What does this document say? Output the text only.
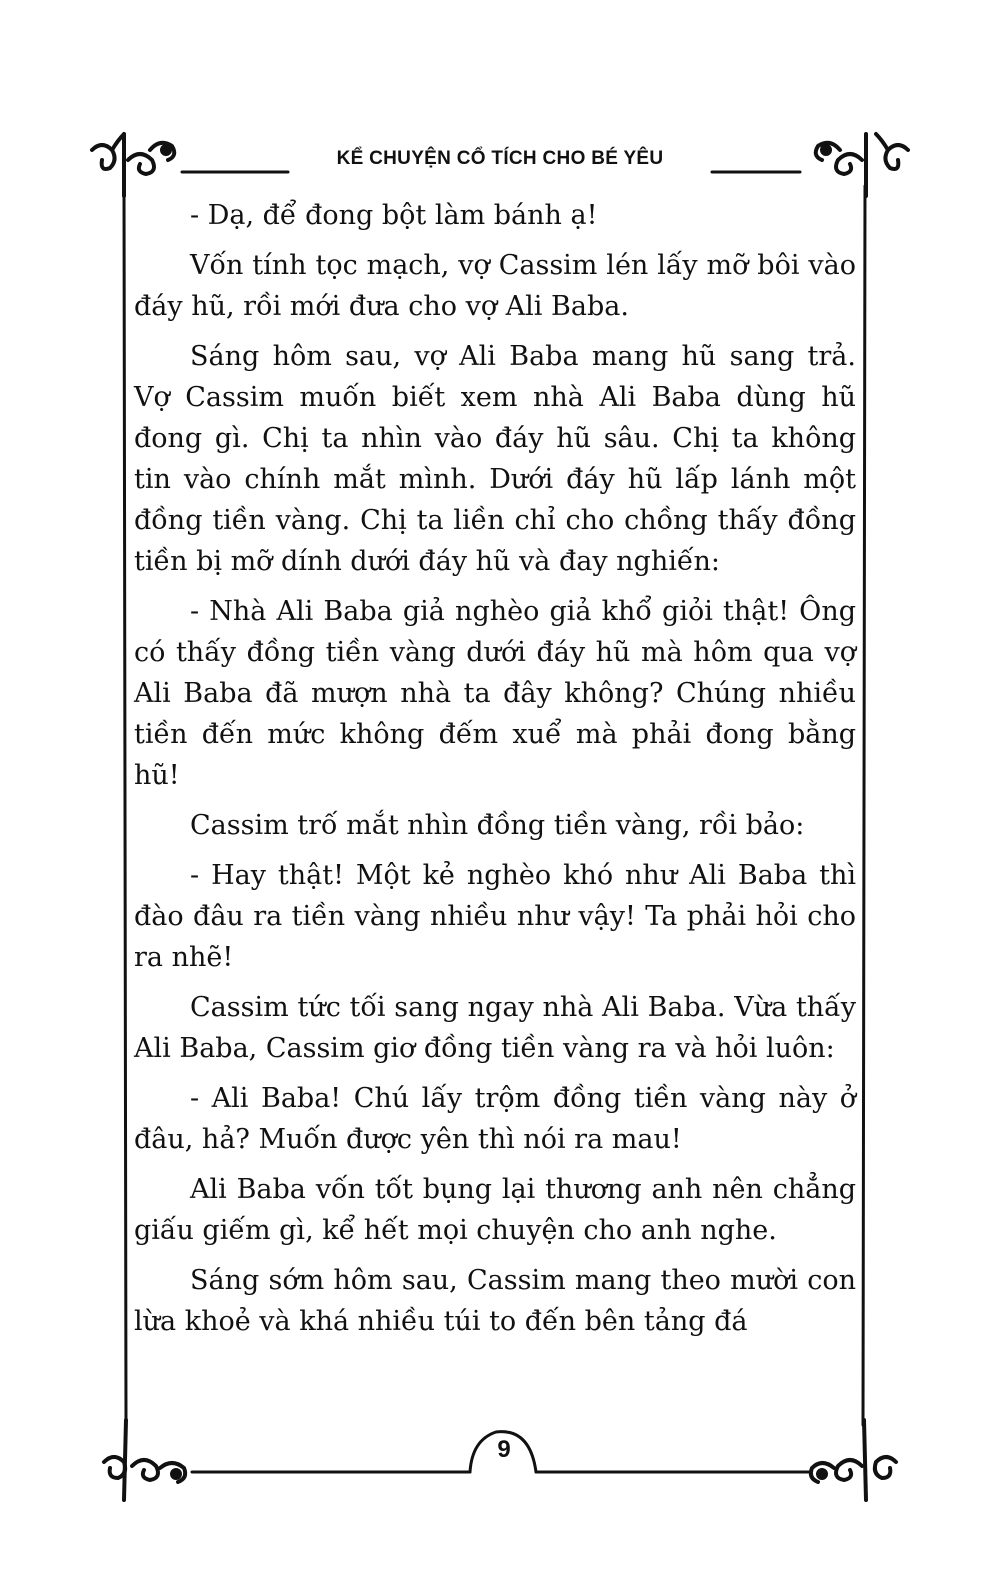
KỂ CHUYỆN CỔ TÍCH CHO BÉ YÊU

- Dạ, để đong bột làm bánh ạ!

Vốn tính tọc mạch, vợ Cassim lén lấy mỡ bôi vào đáy hũ, rồi mới đưa cho vợ Ali Baba.

Sáng hôm sau, vợ Ali Baba mang hũ sang trả. Vợ Cassim muốn biết xem nhà Ali Baba dùng hũ đong gì. Chị ta nhìn vào đáy hũ sâu. Chị ta không tin vào chính mắt mình. Dưới đáy hũ lấp lánh một đồng tiền vàng. Chị ta liền chỉ cho chồng thấy đồng tiền bị mỡ dính dưới đáy hũ và đay nghiến:

- Nhà Ali Baba giả nghèo giả khổ giỏi thật! Ông có thấy đồng tiền vàng dưới đáy hũ mà hôm qua vợ Ali Baba đã mượn nhà ta đây không? Chúng nhiều tiền đến mức không đếm xuể mà phải đong bằng hũ!

Cassim trố mắt nhìn đồng tiền vàng, rồi bảo:

- Hay thật! Một kẻ nghèo khó như Ali Baba thì đào đâu ra tiền vàng nhiều như vậy! Ta phải hỏi cho ra nhẽ!

Cassim tức tối sang ngay nhà Ali Baba. Vừa thấy Ali Baba, Cassim giơ đồng tiền vàng ra và hỏi luôn:

- Ali Baba! Chú lấy trộm đồng tiền vàng này ở đâu, hả? Muốn được yên thì nói ra mau!

Ali Baba vốn tốt bụng lại thương anh nên chẳng giấu giếm gì, kể hết mọi chuyện cho anh nghe.

Sáng sớm hôm sau, Cassim mang theo mười con lừa khoẻ và khá nhiều túi to đến bên tảng đá

9
